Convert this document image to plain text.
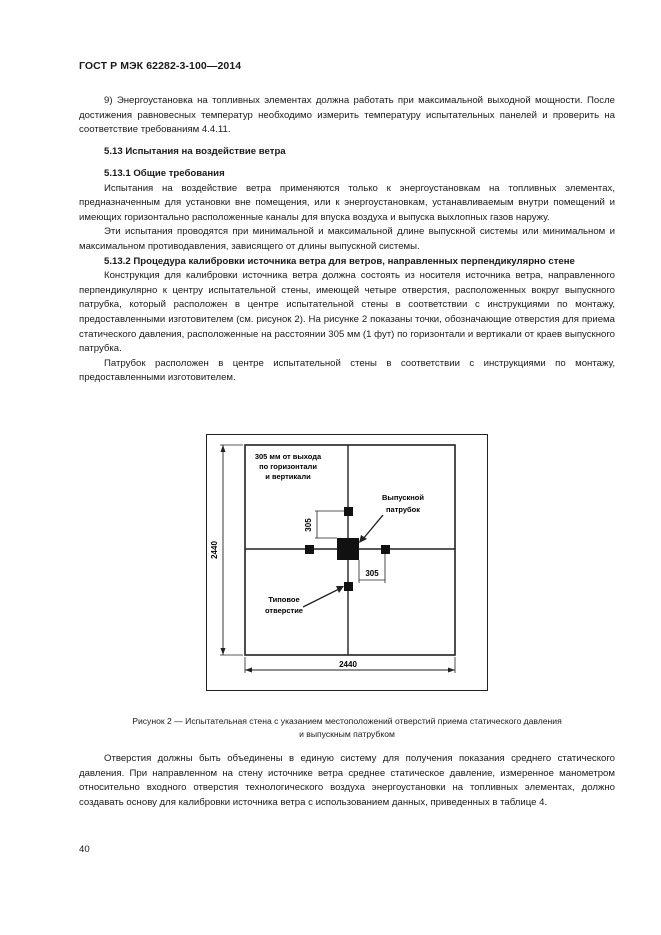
ГОСТ Р МЭК 62282-3-100—2014

9) Энергоустановка на топливных элементах должна работать при максимальной выходной мощности. После достижения равновесных температур необходимо измерить температуру испытательных панелей и проверить на соответствие требованиям 4.4.11.

5.13 Испытания на воздействие ветра

5.13.1 Общие требования

Испытания на воздействие ветра применяются только к энергоустановкам на топливных элементах, предназначенным для установки вне помещения, или к энергоустановкам, устанавливаемым внутри помещений и имеющих горизонтально расположенные каналы для впуска воздуха и выпуска выхлопных газов наружу.

Эти испытания проводятся при минимальной и максимальной длине выпускной системы или минимальном и максимальном противодавления, зависящего от длины выпускной системы.

5.13.2 Процедура калибровки источника ветра для ветров, направленных перпендикулярно стене

Конструкция для калибровки источника ветра должна состоять из носителя источника ветра, направленного перпендикулярно к центру испытательной стены, имеющей четыре отверстия, расположенных вокруг выпускного патрубка, который расположен в центре испытательной стены в соответствии с инструкциями по монтажу, предоставленными изготовителем (см. рисунок 2). На рисунке 2 показаны точки, обозначающие отверстия для приема статического давления, расположенные на расстоянии 305 мм (1 фут) по горизонтали и вертикали от краев выпускного патрубка.

Патрубок расположен в центре испытательной стены в соответствии с инструкциями по монтажу, предоставленными изготовителем.

305
305
2440
2440
305 мм от выхода
по горизонтали
и вертикали
Выпускной
патрубок
Типовое
отверстие
Рисунок 2 — Испытательная стена с указанием местоположений отверстий приема статического давления
и выпускным патрубком

Отверстия должны быть объединены в единую систему для получения показания среднего статического давления. При направленном на стену источнике ветра среднее статическое давление, измеренное манометром относительно входного отверстия технологического воздуха энергоустановки на топливных элементах, должно создавать основу для калибровки источника ветра с использованием данных, приведенных в таблице 4.

40
